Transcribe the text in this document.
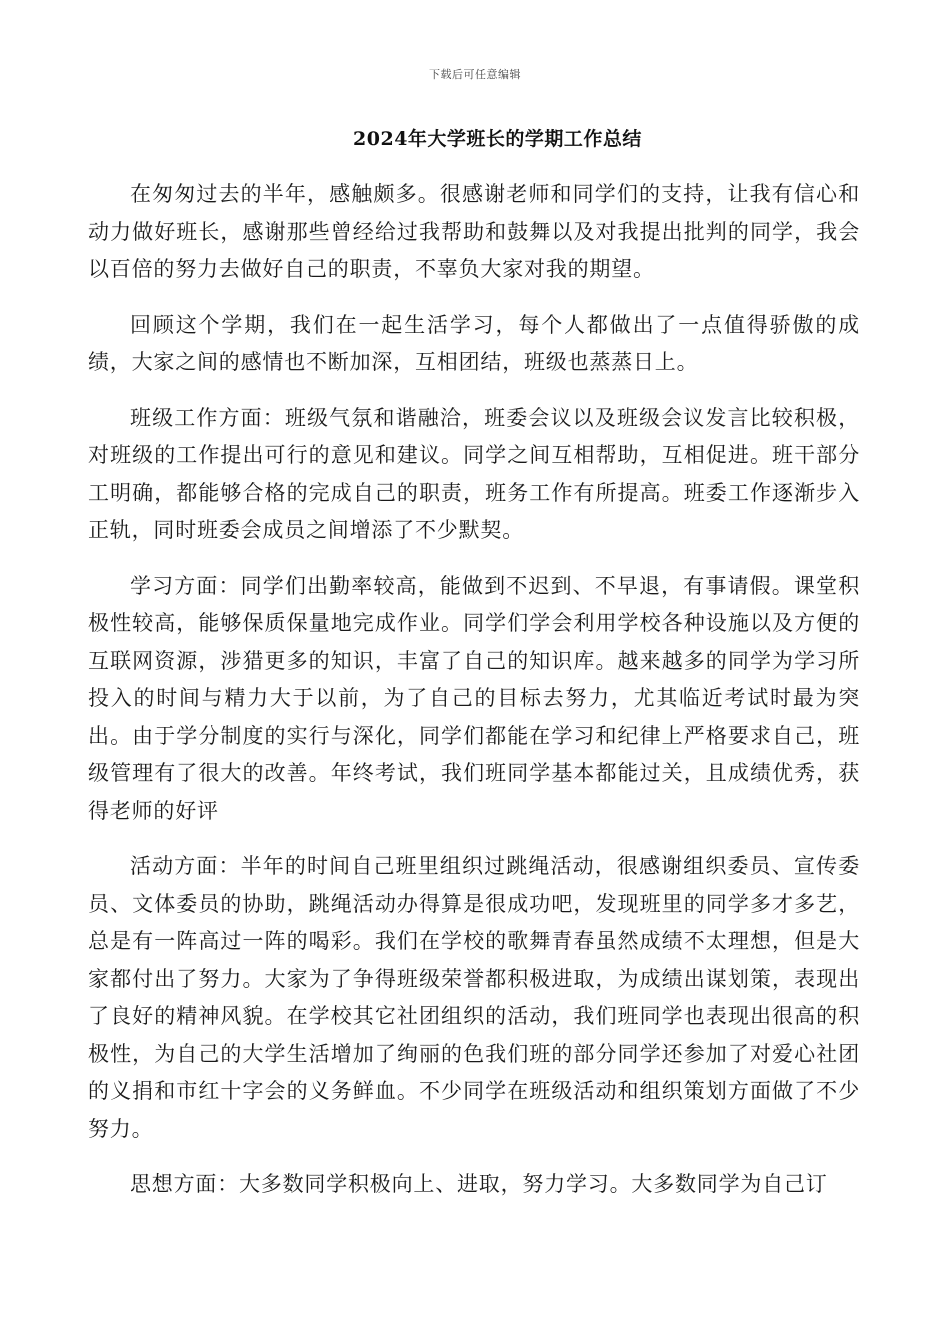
下载后可任意编辑
2024年大学班长的学期工作总结

在匆匆过去的半年，感触颇多。很感谢老师和同学们的支持，让我有信心和动力做好班长，感谢那些曾经给过我帮助和鼓舞以及对我提出批判的同学，我会以百倍的努力去做好自己的职责，不辜负大家对我的期望。

回顾这个学期，我们在一起生活学习，每个人都做出了一点值得骄傲的成绩，大家之间的感情也不断加深，互相团结，班级也蒸蒸日上。

班级工作方面：班级气氛和谐融洽，班委会议以及班级会议发言比较积极，对班级的工作提出可行的意见和建议。同学之间互相帮助，互相促进。班干部分工明确，都能够合格的完成自己的职责，班务工作有所提高。班委工作逐渐步入正轨，同时班委会成员之间增添了不少默契。

学习方面：同学们出勤率较高，能做到不迟到、不早退，有事请假。课堂积极性较高，能够保质保量地完成作业。同学们学会利用学校各种设施以及方便的互联网资源，涉猎更多的知识，丰富了自己的知识库。越来越多的同学为学习所投入的时间与精力大于以前，为了自己的目标去努力，尤其临近考试时最为突出。由于学分制度的实行与深化，同学们都能在学习和纪律上严格要求自己，班级管理有了很大的改善。年终考试，我们班同学基本都能过关，且成绩优秀，获得老师的好评

活动方面：半年的时间自己班里组织过跳绳活动，很感谢组织委员、宣传委员、文体委员的协助，跳绳活动办得算是很成功吧，发现班里的同学多才多艺，总是有一阵高过一阵的喝彩。我们在学校的歌舞青春虽然成绩不太理想，但是大家都付出了努力。大家为了争得班级荣誉都积极进取，为成绩出谋划策，表现出了良好的精神风貌。在学校其它社团组织的活动，我们班同学也表现出很高的积极性，为自己的大学生活增加了绚丽的色我们班的部分同学还参加了对爱心社团的义捐和市红十字会的义务鲜血。不少同学在班级活动和组织策划方面做了不少努力。

思想方面：大多数同学积极向上、进取，努力学习。大多数同学为自己订
